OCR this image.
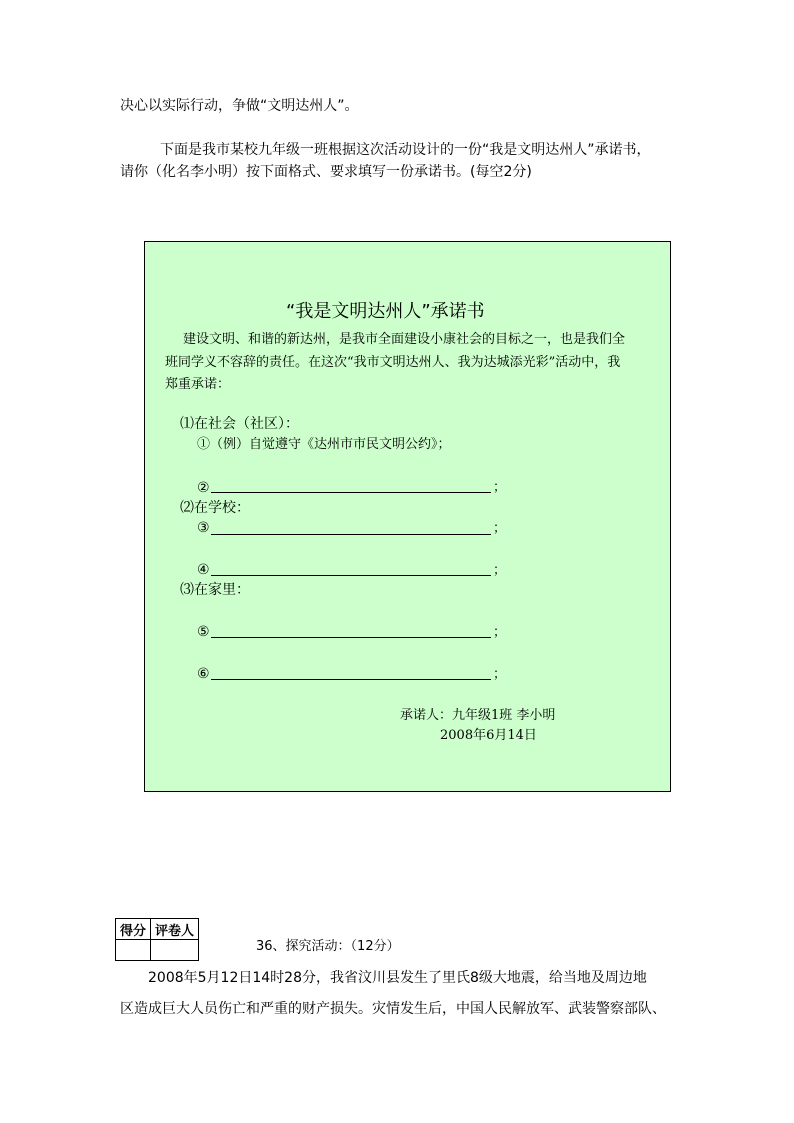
决心以实际行动，争做“文明达州人”。
下面是我市某校九年级一班根据这次活动设计的一份“我是文明达州人”承诺书，
请你（化名李小明）按下面格式、要求填写一份承诺书。(每空2分)
“我是文明达州人”承诺书
建设文明、和谐的新达州，是我市全面建设小康社会的目标之一，也是我们全
班同学义不容辞的责任。在这次“我市文明达州人、我为达城添光彩”活动中，我
郑重承诺：
⑴在社会（社区）：
①（例）自觉遵守《达州市市民文明公约》；
②	；
⑵在学校：
③	；
④	；
⑶在家里：
⑤	；
⑥	；
承诺人：九年级1班 李小明
2008年6月14日
得分	评卷人

36、探究活动：（12分）
2008年5月12日14时28分，我省汶川县发生了里氏8级大地震，给当地及周边地
区造成巨大人员伤亡和严重的财产损失。灾情发生后，中国人民解放军、武装警察部队、
